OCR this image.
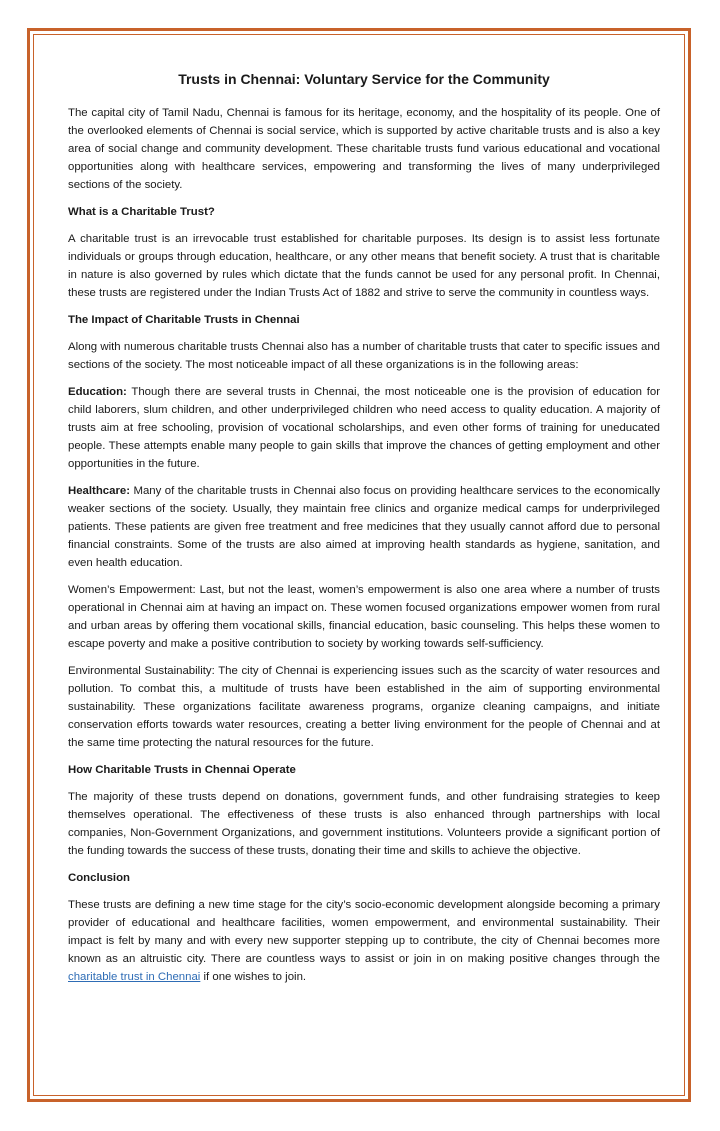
Trusts in Chennai: Voluntary Service for the Community

The capital city of Tamil Nadu, Chennai is famous for its heritage, economy, and the hospitality of its people. One of the overlooked elements of Chennai is social service, which is supported by active charitable trusts and is also a key area of social change and community development. These charitable trusts fund various educational and vocational opportunities along with healthcare services, empowering and transforming the lives of many underprivileged sections of the society.

What is a Charitable Trust?

A charitable trust is an irrevocable trust established for charitable purposes. Its design is to assist less fortunate individuals or groups through education, healthcare, or any other means that benefit society. A trust that is charitable in nature is also governed by rules which dictate that the funds cannot be used for any personal profit. In Chennai, these trusts are registered under the Indian Trusts Act of 1882 and strive to serve the community in countless ways.

The Impact of Charitable Trusts in Chennai

Along with numerous charitable trusts Chennai also has a number of charitable trusts that cater to specific issues and sections of the society. The most noticeable impact of all these organizations is in the following areas:

Education: Though there are several trusts in Chennai, the most noticeable one is the provision of education for child laborers, slum children, and other underprivileged children who need access to quality education. A majority of trusts aim at free schooling, provision of vocational scholarships, and even other forms of training for uneducated people. These attempts enable many people to gain skills that improve the chances of getting employment and other opportunities in the future.

Healthcare: Many of the charitable trusts in Chennai also focus on providing healthcare services to the economically weaker sections of the society. Usually, they maintain free clinics and organize medical camps for underprivileged patients. These patients are given free treatment and free medicines that they usually cannot afford due to personal financial constraints. Some of the trusts are also aimed at improving health standards as hygiene, sanitation, and even health education.

Women’s Empowerment: Last, but not the least, women’s empowerment is also one area where a number of trusts operational in Chennai aim at having an impact on. These women focused organizations empower women from rural and urban areas by offering them vocational skills, financial education, basic counseling. This helps these women to escape poverty and make a positive contribution to society by working towards self-sufficiency.

Environmental Sustainability: The city of Chennai is experiencing issues such as the scarcity of water resources and pollution. To combat this, a multitude of trusts have been established in the aim of supporting environmental sustainability. These organizations facilitate awareness programs, organize cleaning campaigns, and initiate conservation efforts towards water resources, creating a better living environment for the people of Chennai and at the same time protecting the natural resources for the future.

How Charitable Trusts in Chennai Operate

The majority of these trusts depend on donations, government funds, and other fundraising strategies to keep themselves operational. The effectiveness of these trusts is also enhanced through partnerships with local companies, Non-Government Organizations, and government institutions. Volunteers provide a significant portion of the funding towards the success of these trusts, donating their time and skills to achieve the objective.

Conclusion

These trusts are defining a new time stage for the city’s socio-economic development alongside becoming a primary provider of educational and healthcare facilities, women empowerment, and environmental sustainability. Their impact is felt by many and with every new supporter stepping up to contribute, the city of Chennai becomes more known as an altruistic city. There are countless ways to assist or join in on making positive changes through the charitable trust in Chennai if one wishes to join.
